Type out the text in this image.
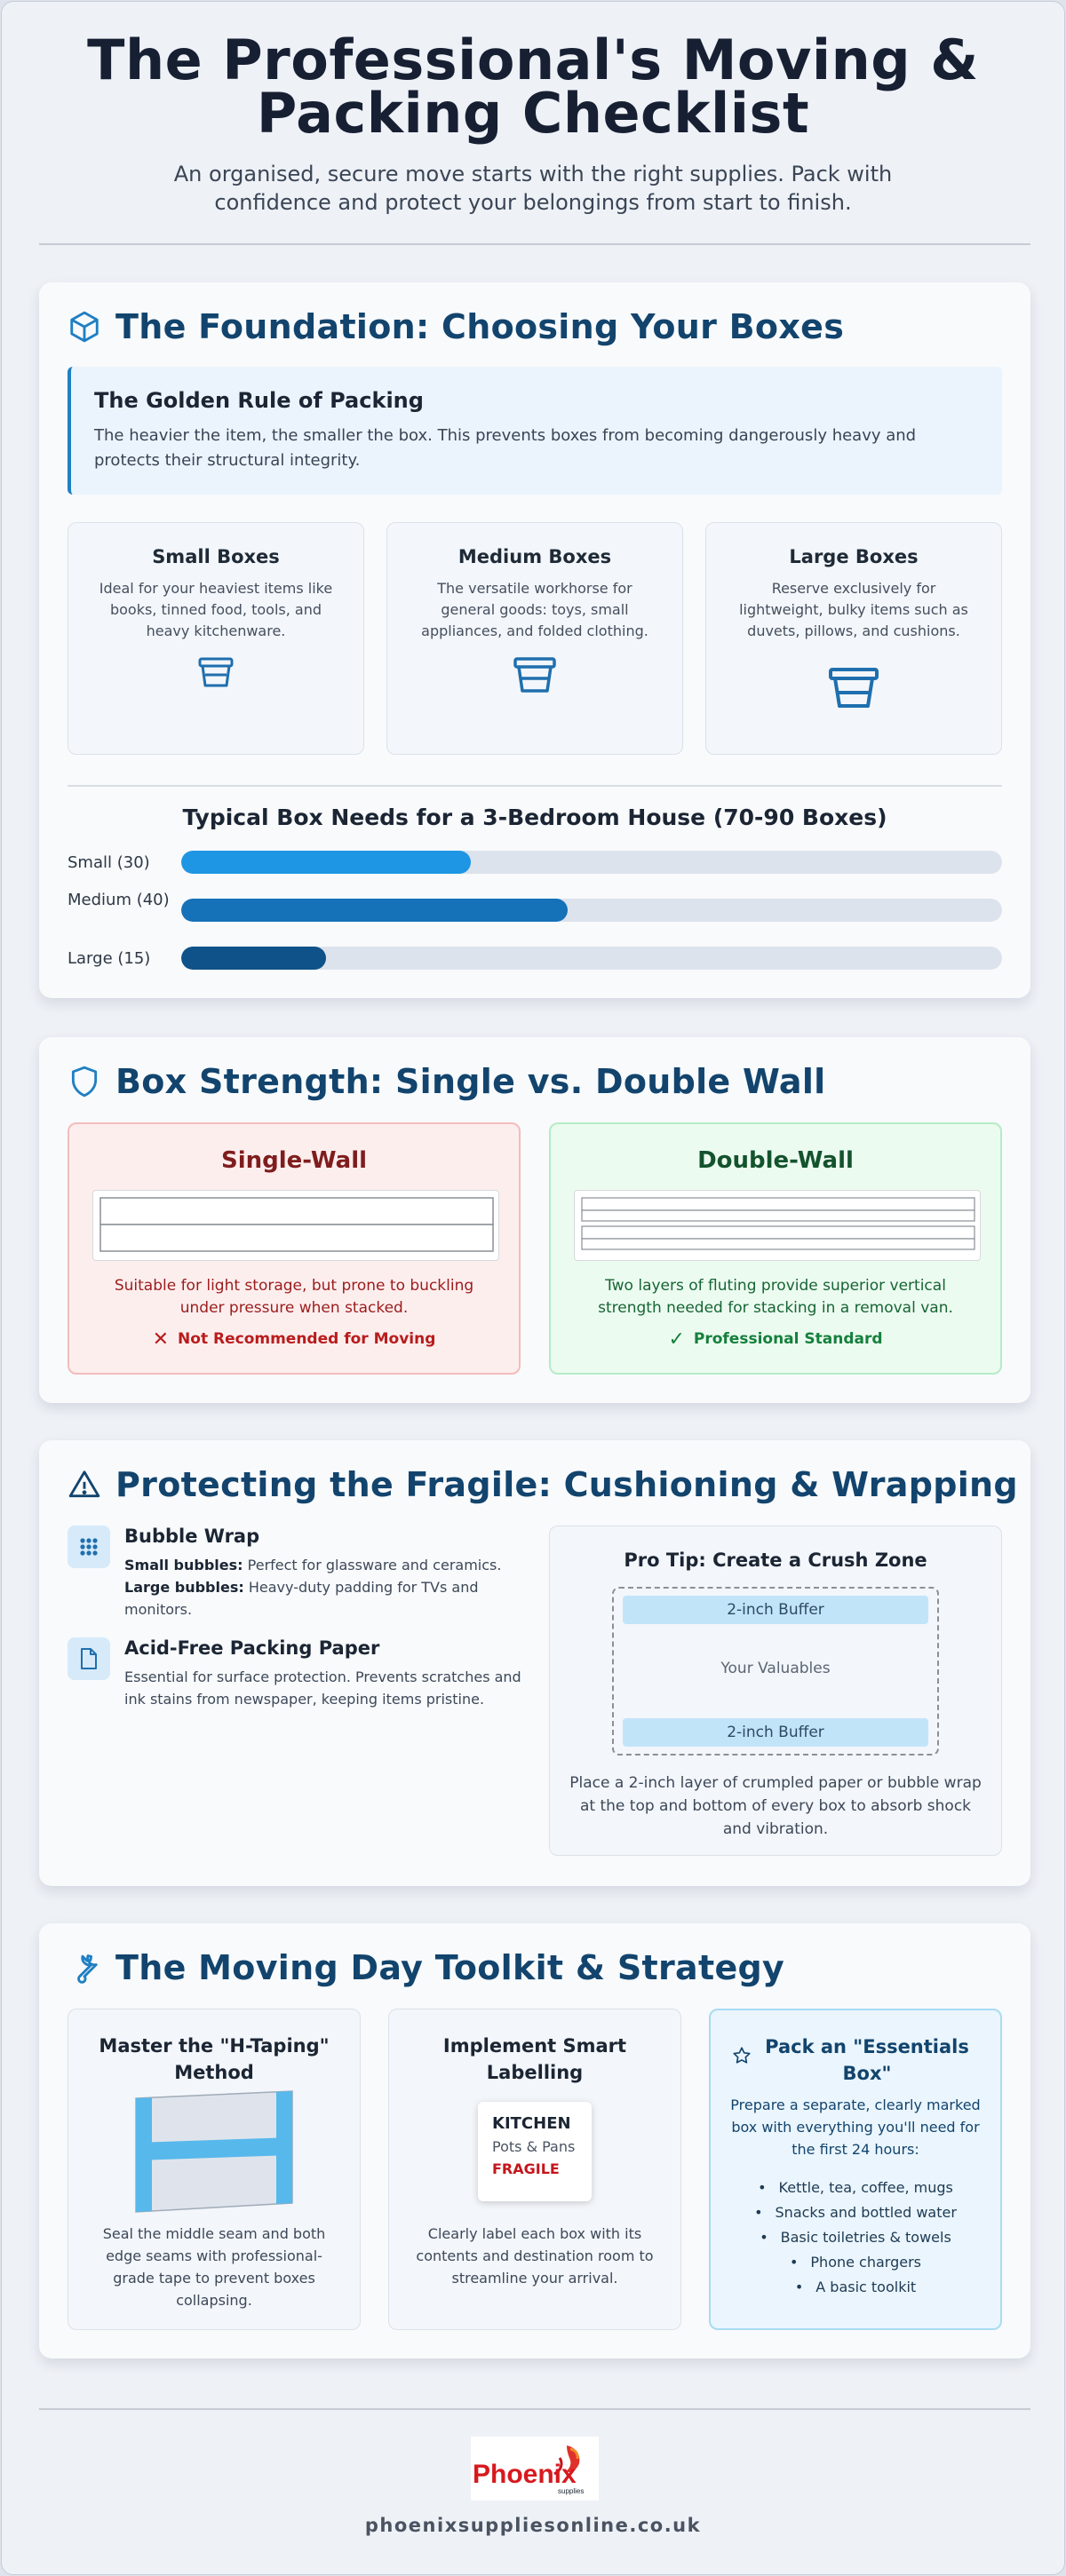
The Professional's Moving &
Packing Checklist

An organised, secure move starts with the right supplies. Pack with confidence and protect your belongings from start to finish.

The Foundation: Choosing Your Boxes
The Golden Rule of Packing

The heavier the item, the smaller the box. This prevents boxes from becoming dangerously heavy and protects their structural integrity.

Small Boxes

Ideal for your heaviest items like books, tinned food, tools, and heavy kitchenware.

Medium Boxes

The versatile workhorse for general goods: toys, small appliances, and folded clothing.

Large Boxes

Reserve exclusively for lightweight, bulky items such as duvets, pillows, and cushions.

Typical Box Needs for a 3-Bedroom House (70-90 Boxes)
Small (30)
Medium (40)
Large (15)
Box Strength: Single vs. Double Wall
Single-Wall
Suitable for light storage, but prone to buckling under pressure when stacked.
✕ Not Recommended for Moving
Double-Wall
Two layers of fluting provide superior vertical strength needed for stacking in a removal van.
✓ Professional Standard
Protecting the Fragile: Cushioning & Wrapping
Bubble Wrap

Small bubbles: Perfect for glassware and ceramics.

Large bubbles: Heavy-duty padding for TVs and monitors.

Acid-Free Packing Paper

Essential for surface protection. Prevents scratches and ink stains from newspaper, keeping items pristine.

Pro Tip: Create a Crush Zone
2-inch Buffer
Your Valuables
2-inch Buffer
Place a 2-inch layer of crumpled paper or bubble wrap at the top and bottom of every box to absorb shock and vibration.
The Moving Day Toolkit & Strategy
Master the "H-Taping" Method
Seal the middle seam and both edge seams with professional-grade tape to prevent boxes collapsing.
Implement Smart Labelling
KITCHEN
Pots & Pans
FRAGILE
Clearly label each box with its contents and destination room to streamline your arrival.
Pack an "Essentials Box"
Prepare a separate, clearly marked box with everything you'll need for the first 24 hours:
• Kettle, tea, coffee, mugs
• Snacks and bottled water
• Basic toiletries & towels
• Phone chargers
• A basic toolkit
Phoenix
supplies
phoenixsuppliesonline.co.uk
